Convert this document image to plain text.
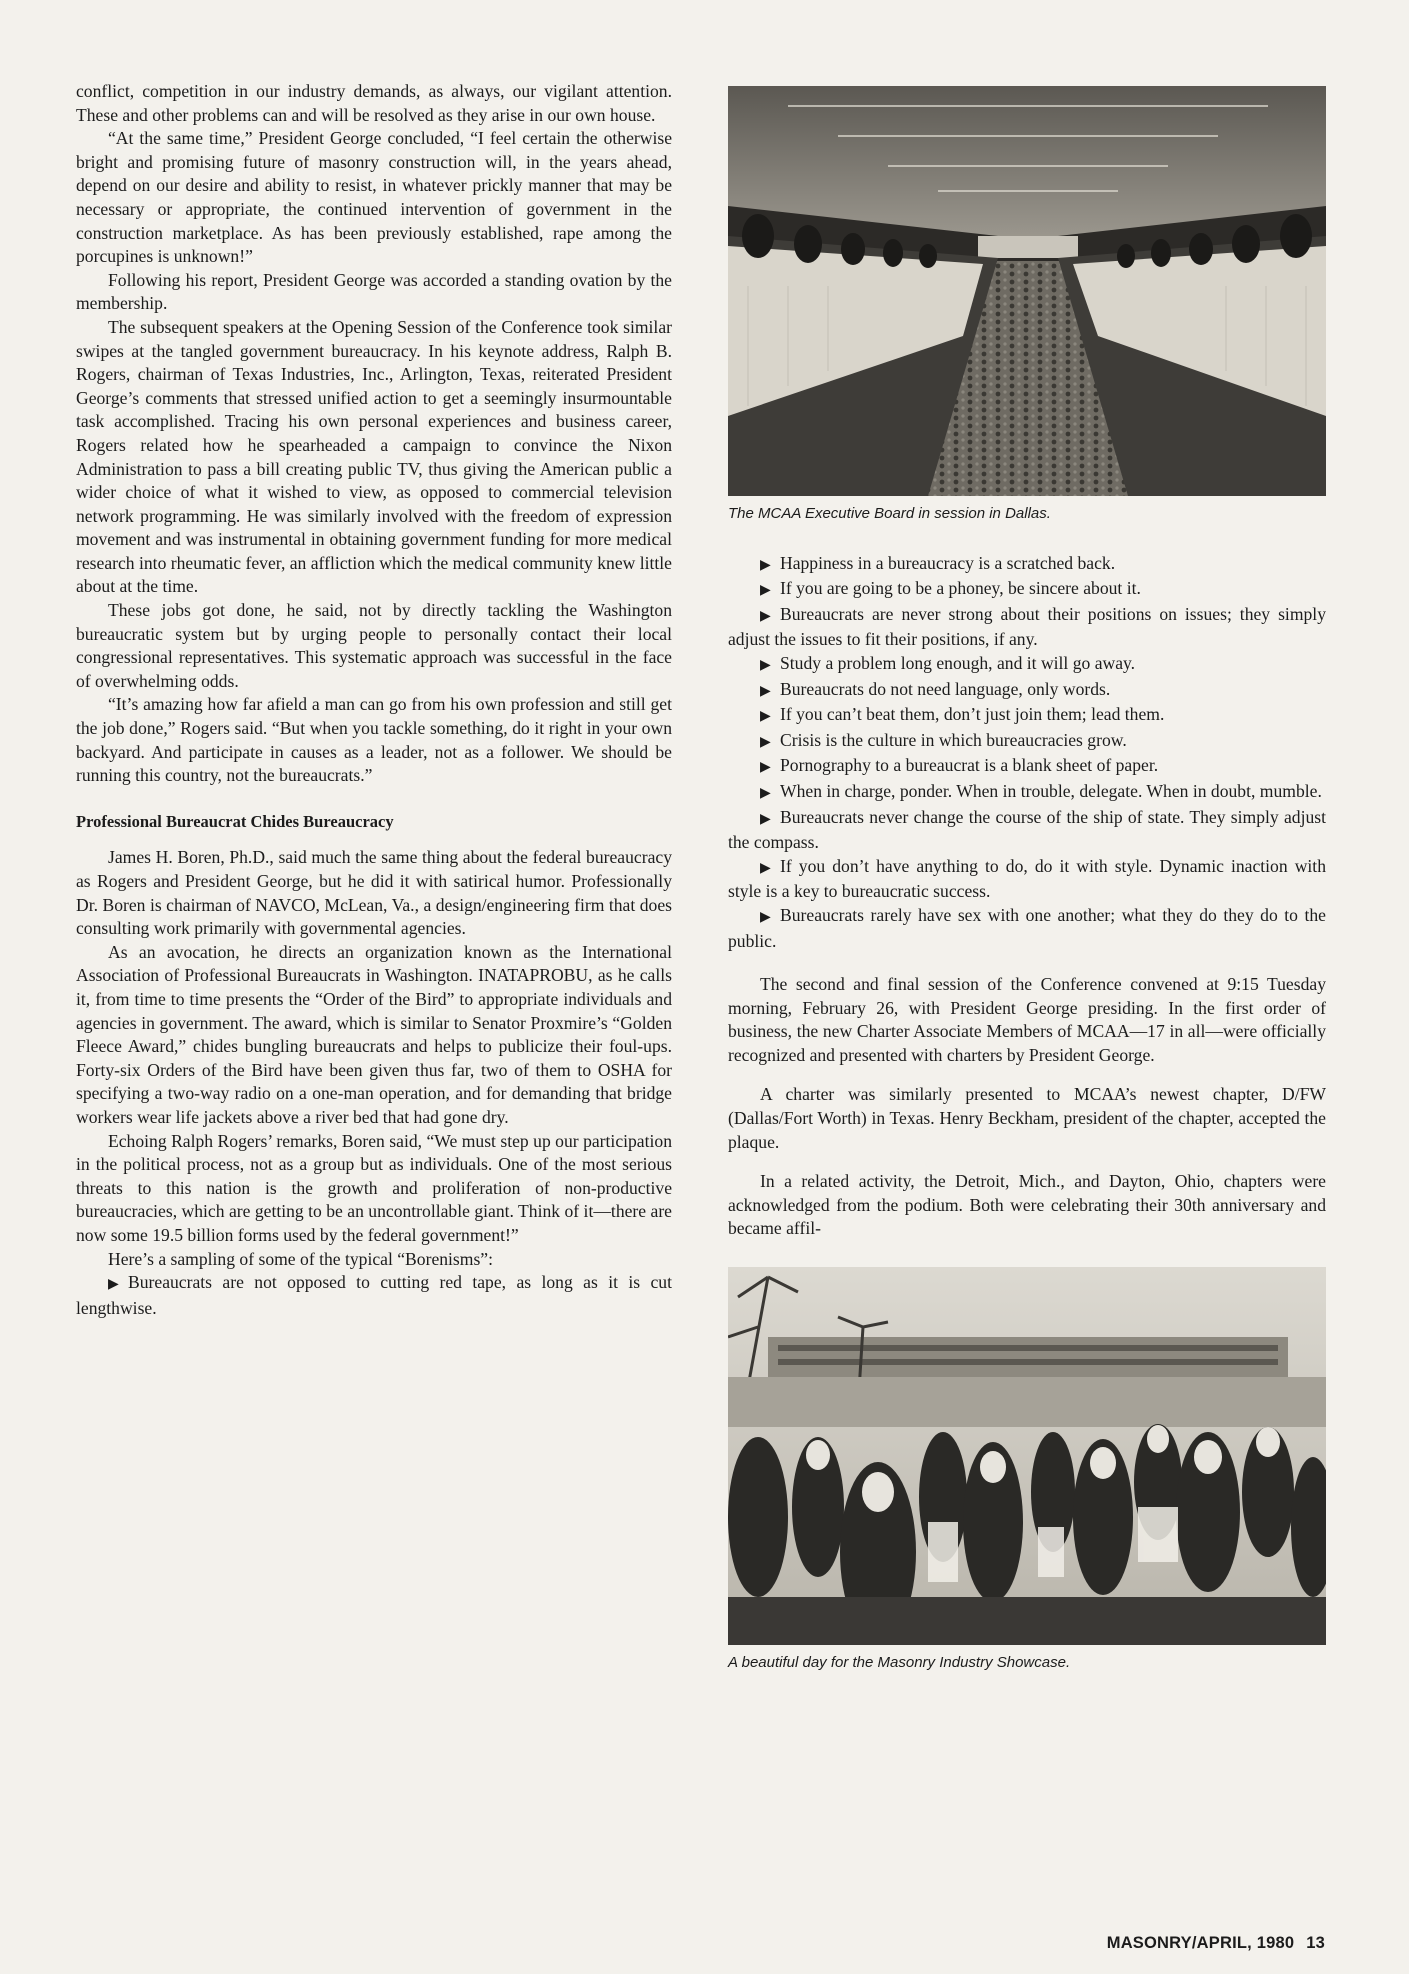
conflict, competition in our industry demands, as always, our vigilant attention. These and other problems can and will be resolved as they arise in our own house.

“At the same time,” President George concluded, “I feel certain the otherwise bright and promising future of masonry construction will, in the years ahead, depend on our desire and ability to resist, in whatever prickly manner that may be necessary or appropriate, the continued intervention of government in the construction marketplace. As has been previously established, rape among the porcupines is unknown!”

Following his report, President George was accorded a standing ovation by the membership.

The subsequent speakers at the Opening Session of the Conference took similar swipes at the tangled government bureaucracy. In his keynote address, Ralph B. Rogers, chairman of Texas Industries, Inc., Arlington, Texas, reiterated President George’s comments that stressed unified action to get a seemingly insurmountable task accomplished. Tracing his own personal experiences and business career, Rogers related how he spearheaded a campaign to convince the Nixon Administration to pass a bill creating public TV, thus giving the American public a wider choice of what it wished to view, as opposed to commercial television network programming. He was similarly involved with the freedom of expression movement and was instrumental in obtaining government funding for more medical research into rheumatic fever, an affliction which the medical community knew little about at the time.

These jobs got done, he said, not by directly tackling the Washington bureaucratic system but by urging people to personally contact their local congressional representatives. This systematic approach was successful in the face of overwhelming odds.

“It’s amazing how far afield a man can go from his own profession and still get the job done,” Rogers said. “But when you tackle something, do it right in your own backyard. And participate in causes as a leader, not as a follower. We should be running this country, not the bureaucrats.”

Professional Bureaucrat Chides Bureaucracy

James H. Boren, Ph.D., said much the same thing about the federal bureaucracy as Rogers and President George, but he did it with satirical humor. Professionally Dr. Boren is chairman of NAVCO, McLean, Va., a design/engineering firm that does consulting work primarily with governmental agencies.

As an avocation, he directs an organization known as the International Association of Professional Bureaucrats in Washington. INATAPROBU, as he calls it, from time to time presents the “Order of the Bird” to appropriate individuals and agencies in government. The award, which is similar to Senator Proxmire’s “Golden Fleece Award,” chides bungling bureaucrats and helps to publicize their foul-ups. Forty-six Orders of the Bird have been given thus far, two of them to OSHA for specifying a two-way radio on a one-man operation, and for demanding that bridge workers wear life jackets above a river bed that had gone dry.

Echoing Ralph Rogers’ remarks, Boren said, “We must step up our participation in the political process, not as a group but as individuals. One of the most serious threats to this nation is the growth and proliferation of non-productive bureaucracies, which are getting to be an uncontrollable giant. Think of it—there are now some 19.5 billion forms used by the federal government!”

Here’s a sampling of some of the typical “Borenisms”:

▶ Bureaucrats are not opposed to cutting red tape, as long as it is cut lengthwise.

The MCAA Executive Board in session in Dallas.

▶ Happiness in a bureaucracy is a scratched back.

▶ If you are going to be a phoney, be sincere about it.

▶ Bureaucrats are never strong about their positions on issues; they simply adjust the issues to fit their positions, if any.

▶ Study a problem long enough, and it will go away.

▶ Bureaucrats do not need language, only words.

▶ If you can’t beat them, don’t just join them; lead them.

▶ Crisis is the culture in which bureaucracies grow.

▶ Pornography to a bureaucrat is a blank sheet of paper.

▶ When in charge, ponder. When in trouble, delegate. When in doubt, mumble.

▶ Bureaucrats never change the course of the ship of state. They simply adjust the compass.

▶ If you don’t have anything to do, do it with style. Dynamic inaction with style is a key to bureaucratic success.

▶ Bureaucrats rarely have sex with one another; what they do they do to the public.

The second and final session of the Conference convened at 9:15 Tuesday morning, February 26, with President George presiding. In the first order of business, the new Charter Associate Members of MCAA—17 in all—were officially recognized and presented with charters by President George.

A charter was similarly presented to MCAA’s newest chapter, D/FW (Dallas/Fort Worth) in Texas. Henry Beckham, president of the chapter, accepted the plaque.

In a related activity, the Detroit, Mich., and Dayton, Ohio, chapters were acknowledged from the podium. Both were celebrating their 30th anniversary and became affil-

A beautiful day for the Masonry Industry Showcase.
MASONRY/APRIL, 1980 13
